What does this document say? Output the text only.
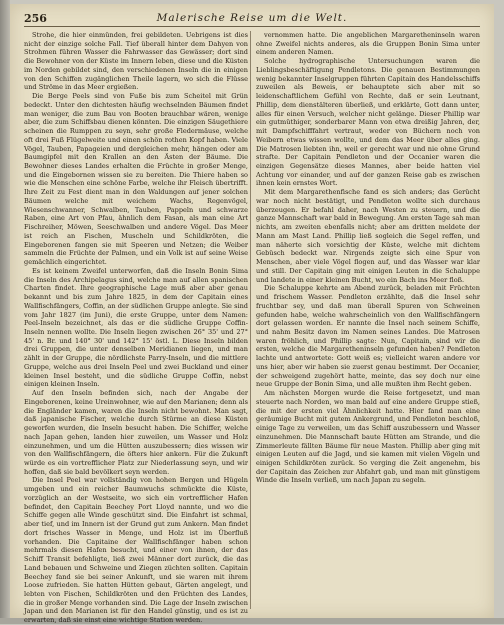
256	Malerische Reise um die Welt.

Strohe, die hier einmünden, frei gebildeten. Uebrigens ist dies nicht der einzige solche Fall. Tief überall hinter dem Dahyen von Strohmen führen Wasser die Fahrwasser das Gewässer; dort sind die Bewohner von der Küste im Innern leben, diese und die Küsten im Norden gebildet sind, den verschiedenen Inseln die in einigen von den Schiffen zugänglichen Theile lagern, wo sich die Flüsse und Ströme in das Meer ergießen.

Die Berge Peels sind von Fuße bis zum Scheitel mit Grün bedeckt. Unter den dichtesten häufig wechselnden Bäumen findet man weniger, die zum Bau von Booten brauchbar wären, wenige aber, die zum Schiffsbau dienen könnten. Die einzigen Säugethiere scheinen die Rumppen zu seyn, sehr große Fledermäuse, welche oft drei Fuß Flügelweite und einen schön rothen Kopf haben. Viele Vögel, Tauben, Papageien und dergleichen mehr, hängen oder am Baumgipfel mit den Krallen an den Ästen der Bäume. Die Bewohner dieses Landes erhalten die Früchte in großer Menge, und die Eingebornen wissen sie zu bereiten. Die Thiere haben so wie die Menschen eine schöne Farbe, welche ihr Fleisch übertrifft. Ihre Zeit zu Fest dient man in den Waldungen auf jener solchen Bäumen welche mit weichem Wachs, Regenvögel, Wiesenschwanner, Schwalben, Tauben, Pappeln und schwarze Raben, eine Art von Pfau, ähnlich dem Fasan, als man eine Art Fischreiher, Möwen, Seeschwalben und andere Vögel. Das Meer ist reich an Fischen, Muscheln und Schildkröten, die Eingeborenen fangen sie mit Speeren und Netzen; die Weiber sammeln die Früchte der Palmen, und ein Volk ist auf seine Weise gemächlich eingerichtet.

Es ist keinem Zweifel unterworfen, daß die Inseln Bonin Sima die Inseln des Archipelagus sind, welche man auf allen spanischen Charten findet. Ihre geographische Lage muß aber aber genau bekannt und bis zum Jahre 1825, in dem der Capitain eines Wallfischfängers, Coffin, an der südlichen Gruppe anlegte. Sie sind vom Jahr 1827 (im Juni), die erste Gruppe, unter dem Namen: Peel-Inseln bezeichnet, als das er die südliche Gruppe Coffin-Inseln nennen wollte. Die Inseln liegen zwischen 26° 35' und 27° 45' n. Br. und 140° 30' und 142° 15' östl. L. Diese Inseln bilden drei Gruppen, die unter denselben Meridianen liegen, und man zählt in der Gruppe, die nördlichste Parry-Inseln, und die mittlere Gruppe, welche aus drei Inseln Peel und zwei Buckland und einer kleinen Insel besteht, und die südliche Gruppe Coffin, nebst einigen kleinen Inseln.

Auf den Inseln befinden sich, nach der Angabe der Eingeborenen, keine Ureinwohner, wie auf den Marianen; denn als die Engländer kamen, waren die Inseln nicht bewohnt. Man sagt, daß japanische Fischer, welche durch Stürme an diese Küsten geworfen wurden, die Inseln besucht haben. Die Schiffer, welche nach Japan gehen, landen hier zuweilen, um Wasser und Holz einzunehmen, und um die Hütten auszubessern; dies wissen wir von den Wallfischfängern, die öfters hier ankern. Für die Zukunft würde es ein vortrefflicher Platz zur Niederlassung seyn, und wir hoffen, daß sie bald bevölkert seyn werden.

Die Insel Peel war vollständig von hohen Bergen und Hügeln umgeben und ein reicher Baumwuchs schmückte die Küste, vorzüglich an der Westseite, wo sich ein vortrefflicher Hafen befindet, den Capitain Beechey Port Lloyd nannte, und wo die Schiffe gegen alle Winde geschützt sind. Die Einfahrt ist schmal, aber tief, und im Innern ist der Grund gut zum Ankern. Man findet dort frisches Wasser in Menge, und Holz ist im Überfluß vorhanden. Die Capitaine der Wallfischfänger haben schon mehrmals diesen Hafen besucht, und einer von ihnen, der das Schiff Transit befehligte, ließ zwei Männer dort zurück, die das Land bebauen und Schweine und Ziegen züchten sollten. Capitain Beechey fand sie bei seiner Ankunft, und sie waren mit ihrem Loose zufrieden. Sie hatten Hütten gebaut, Gärten angelegt, und lebten von Fischen, Schildkröten und den Früchten des Landes, die in großer Menge vorhanden sind. Die Lage der Inseln zwischen Japan und den Marianen ist für den Handel günstig, und es ist zu erwarten, daß sie einst eine wichtige Station werden.

vernommen hatte. Die angeblichen Margaretheninseln waren ohne Zweifel nichts anderes, als die Gruppen Bonin Sima unter einem anderen Namen.

Solche hydrographische Untersuchungen waren die Lieblingsbeschäftigung Pendletons. Die genauen Bestimmungen wenig bekannter Inselgruppen führten Capitain des Handelsschiffs zuweilen als Beweis, er behauptete sich aber mit so leidenschaftlichem Gefühl von Rechte, daß er sein Leutnant, Phillip, dem dienstälteren überließ, und erklärte, Gott dann unter, alles für einen Versuch, welcher nicht gelänge. Dieser Phillip war ein gutmüthiger, sonderbarer Mann von etwa dreißig Jahren, der, mit Dampfschifffahrt vertraut, weder von Büchern noch von Weibern etwas wissen wollte, und dem das Meer über alles ging. Die Matrosen liebten ihn, weil er gerecht war und nie ohne Grund strafte. Der Capitain Pendleton und der Occanier waren die einzigen Gegensätze dieses Mannes, aber beide hatten viel Achtung vor einander, und auf der ganzen Reise gab es zwischen ihnen kein ernstes Wort.

Mit dem Margarethenfische fand es sich anders; das Gerücht war noch nicht bestätigt, und Pendleton wollte sich durchaus überzeugen. Er befahl daher, nach Westen zu steuern, und die ganze Mannschaft war bald in Bewegung. Am ersten Tage sah man nichts, am zweiten ebenfalls nicht; aber am dritten meldete der Mann am Mast Land. Phillip ließ sogleich die Segel reffen, und man näherte sich vorsichtig der Küste, welche mit dichtem Gebüsch bedeckt war. Nirgends zeigte sich eine Spur von Menschen, aber viele Vögel flogen auf, und das Wasser war klar und still. Der Capitain ging mit einigen Leuten in die Schaluppe und landete in einer kleinen Bucht, wo ein Bach ins Meer floß.

Die Schaluppe kehrte am Abend zurück, beladen mit Früchten und frischem Wasser. Pendleton erzählte, daß die Insel sehr fruchtbar sey, und daß man überall Spuren von Schweinen gefunden habe, welche wahrscheinlich von den Wallfischfängern dort gelassen worden. Er nannte die Insel nach seinem Schiffe, und nahm Besitz davon im Namen seines Landes. Die Matrosen waren fröhlich, und Phillip sagte: Nun, Capitain, sind wir die ersten, welche die Margaretheninseln gefunden haben? Pendleton lachte und antwortete: Gott weiß es; vielleicht waren andere vor uns hier, aber wir haben sie zuerst genau bestimmt. Der Occanier, der schweigend zugehört hatte, meinte, das sey doch nur eine neue Gruppe der Bonin Sima, und alle mußten ihm Recht geben.

Am nächsten Morgen wurde die Reise fortgesetzt, und man steuerte nach Norden, wo man bald auf eine andere Gruppe stieß, die mit der ersten viel Ähnlichkeit hatte. Hier fand man eine geräumige Bucht mit gutem Ankergrund, und Pendleton beschloß, einige Tage zu verweilen, um das Schiff auszubessern und Wasser einzunehmen. Die Mannschaft baute Hütten am Strande, und die Zimmerleute fällten Bäume für neue Masten. Phillip aber ging mit einigen Leuten auf die Jagd, und sie kamen mit vielen Vögeln und einigen Schildkröten zurück. So verging die Zeit angenehm, bis der Capitain das Zeichen zur Abfahrt gab, und man mit günstigem Winde die Inseln verließ, um nach Japan zu segeln.
